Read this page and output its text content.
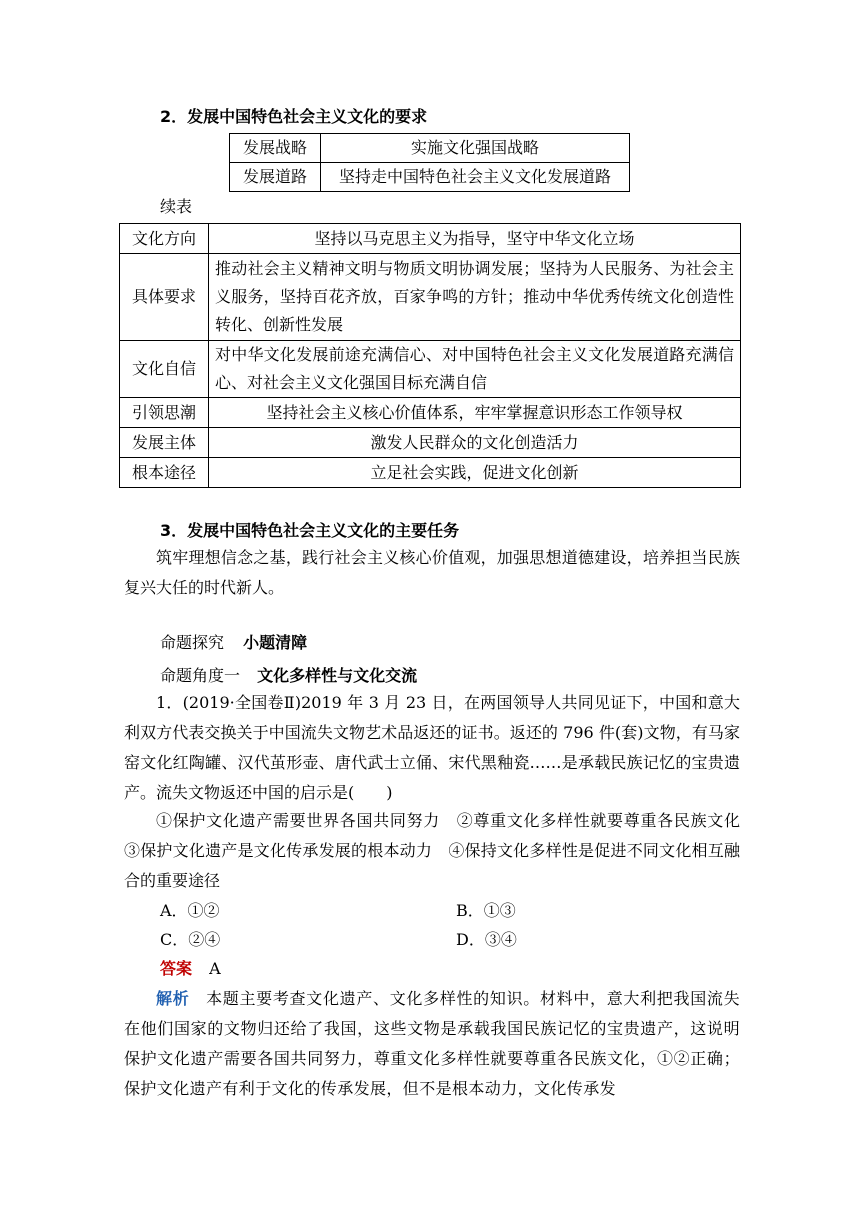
2．发展中国特色社会主义文化的要求
发展战略	实施文化强国战略
发展道路	坚持走中国特色社会主义文化发展道路
续表
文化方向	坚持以马克思主义为指导，坚守中华文化立场
具体要求	推动社会主义精神文明与物质文明协调发展；坚持为人民服务、为社会主义服务，坚持百花齐放，百家争鸣的方针；推动中华优秀传统文化创造性转化、创新性发展
文化自信	对中华文化发展前途充满信心、对中国特色社会主义文化发展道路充满信心、对社会主义文化强国目标充满自信
引领思潮	坚持社会主义核心价值体系，牢牢掌握意识形态工作领导权
发展主体	激发人民群众的文化创造活力
根本途径	立足社会实践，促进文化创新
3．发展中国特色社会主义文化的主要任务
筑牢理想信念之基，践行社会主义核心价值观，加强思想道德建设，培养担当民族复兴大任的时代新人。
命题探究 小题清障
命题角度一 文化多样性与文化交流
1．(2019·全国卷Ⅱ)2019 年 3 月 23 日，在两国领导人共同见证下，中国和意大利双方代表交换关于中国流失文物艺术品返还的证书。返还的 796 件(套)文物，有马家窑文化红陶罐、汉代茧形壶、唐代武士立俑、宋代黑釉瓷……是承载民族记忆的宝贵遗产。流失文物返还中国的启示是(　　)
①保护文化遗产需要世界各国共同努力　②尊重文化多样性就要尊重各民族文化　③保护文化遗产是文化传承发展的根本动力　④保持文化多样性是促进不同文化相互融合的重要途径
A．①②	B．①③
C．②④	D．③④
答案 A
解析　 本题主要考查文化遗产、文化多样性的知识。材料中，意大利把我国流失在他们国家的文物归还给了我国，这些文物是承载我国民族记忆的宝贵遗产，这说明保护文化遗产需要各国共同努力，尊重文化多样性就要尊重各民族文化，①②正确；保护文化遗产有利于文化的传承发展，但不是根本动力，文化传承发
